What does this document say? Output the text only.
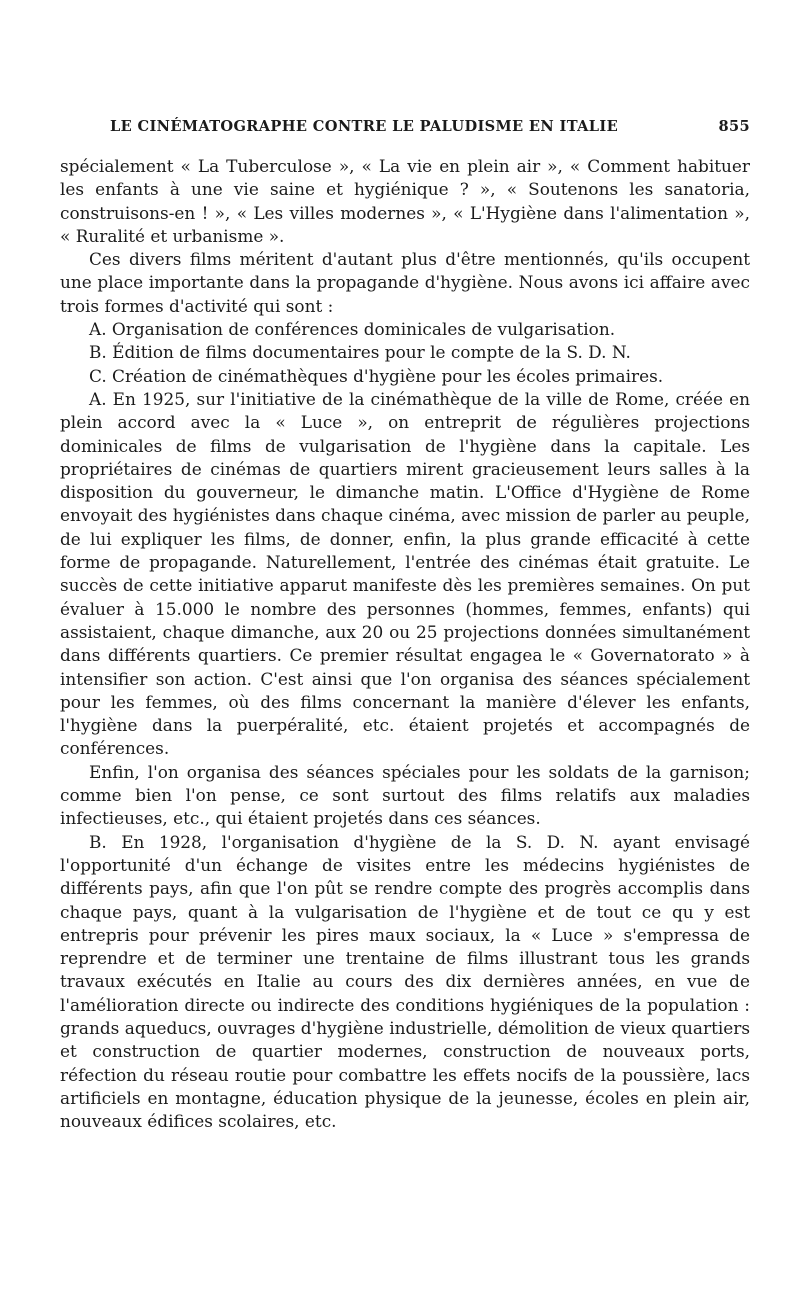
LE CINÉMATOGRAPHE CONTRE LE PALUDISME EN ITALIE	855

spécialement « La Tuberculose », « La vie en plein air », « Comment habituer les enfants à une vie saine et hygiénique ? », « Soutenons les sanatoria, construisons-en ! », « Les villes modernes », « L'Hygiène dans l'alimentation », « Ruralité et urbanisme ».

Ces divers films méritent d'autant plus d'être mentionnés, qu'ils occupent une place importante dans la propagande d'hygiène. Nous avons ici affaire avec trois formes d'activité qui sont :

A. Organisation de conférences dominicales de vulgarisation.

B. Édition de films documentaires pour le compte de la S. D. N.

C. Création de cinémathèques d'hygiène pour les écoles primaires.

A. En 1925, sur l'initiative de la cinémathèque de la ville de Rome, créée en plein accord avec la « Luce », on entreprit de régulières projections dominicales de films de vulgarisation de l'hygiène dans la capitale. Les propriétaires de cinémas de quartiers mirent gracieusement leurs salles à la disposition du gouverneur, le dimanche matin. L'Office d'Hygiène de Rome envoyait des hygiénistes dans chaque cinéma, avec mission de parler au peuple, de lui expliquer les films, de donner, enfin, la plus grande efficacité à cette forme de propagande. Naturellement, l'entrée des cinémas était gratuite. Le succès de cette initiative apparut manifeste dès les premières semaines. On put évaluer à 15.000 le nombre des personnes (hommes, femmes, enfants) qui assistaient, chaque dimanche, aux 20 ou 25 projections données simultanément dans différents quartiers. Ce premier résultat engagea le « Governatorato » à intensifier son action. C'est ainsi que l'on organisa des séances spécialement pour les femmes, où des films concernant la manière d'élever les enfants, l'hygiène dans la puerpéralité, etc. étaient projetés et accompagnés de conférences.

Enfin, l'on organisa des séances spéciales pour les soldats de la garnison; comme bien l'on pense, ce sont surtout des films relatifs aux maladies infectieuses, etc., qui étaient projetés dans ces séances.

B. En 1928, l'organisation d'hygiène de la S. D. N. ayant envisagé l'opportunité d'un échange de visites entre les médecins hygiénistes de différents pays, afin que l'on pût se rendre compte des progrès accomplis dans chaque pays, quant à la vulgarisation de l'hygiène et de tout ce qu y est entrepris pour prévenir les pires maux sociaux, la « Luce » s'empressa de reprendre et de terminer une trentaine de films illustrant tous les grands travaux exécutés en Italie au cours des dix dernières années, en vue de l'amélioration directe ou indirecte des conditions hygiéniques de la population : grands aqueducs, ouvrages d'hygiène industrielle, démolition de vieux quartiers et construction de quartier modernes, construction de nouveaux ports, réfection du réseau routie pour combattre les effets nocifs de la poussière, lacs artificiels en montagne, éducation physique de la jeunesse, écoles en plein air, nouveaux édifices scolaires, etc.
